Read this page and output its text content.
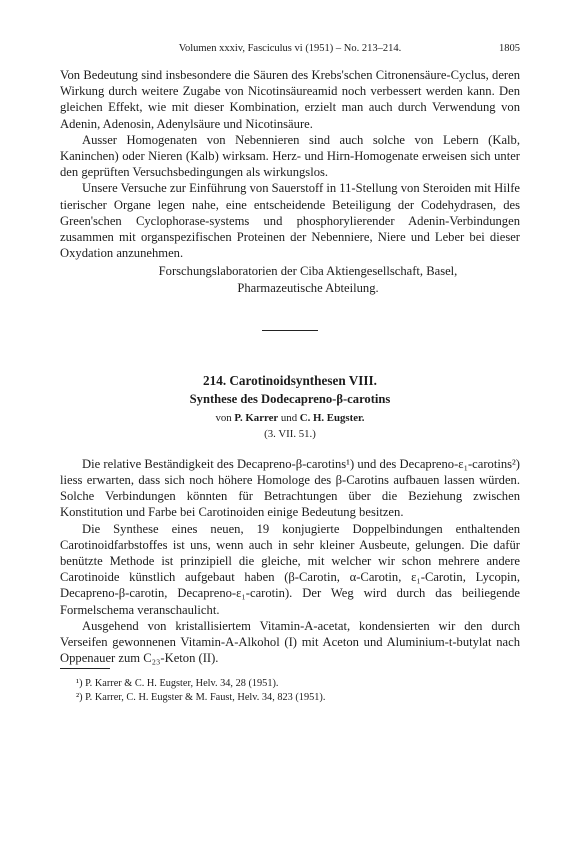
Volumen xxxiv, Fasciculus vi (1951) – No. 213–214.	1805

Von Bedeutung sind insbesondere die Säuren des Krebs'schen Citronensäure-Cyclus, deren Wirkung durch weitere Zugabe von Nicotinsäureamid noch verbessert werden kann. Den gleichen Effekt, wie mit dieser Kombination, erzielt man auch durch Verwendung von Adenin, Adenosin, Adenylsäure und Nicotinsäure.

Ausser Homogenaten von Nebennieren sind auch solche von Lebern (Kalb, Kaninchen) oder Nieren (Kalb) wirksam. Herz- und Hirn-Homogenate erweisen sich unter den geprüften Versuchsbedingungen als wirkungslos.

Unsere Versuche zur Einführung von Sauerstoff in 11-Stellung von Steroiden mit Hilfe tierischer Organe legen nahe, eine entscheidende Beteiligung der Codehydrasen, des Green'schen Cyclophorase-systems und phosphorylierender Adenin-Verbindungen zusammen mit organspezifischen Proteinen der Nebenniere, Niere und Leber bei dieser Oxydation anzunehmen.

Forschungslaboratorien der Ciba Aktiengesellschaft, Basel,
Pharmazeutische Abteilung.
214. Carotinoidsynthesen VIII.
Synthese des Dodecapreno-β-carotins
von P. Karrer und C. H. Eugster.
(3. VII. 51.)

Die relative Beständigkeit des Decapreno-β-carotins¹) und des Decapreno-ε₁-carotins²) liess erwarten, dass sich noch höhere Homologe des β-Carotins aufbauen lassen würden. Solche Verbindungen könnten für Betrachtungen über die Beziehung zwischen Konstitution und Farbe bei Carotinoiden einige Bedeutung besitzen.

Die Synthese eines neuen, 19 konjugierte Doppelbindungen enthaltenden Carotinoidfarbstoffes ist uns, wenn auch in sehr kleiner Ausbeute, gelungen. Die dafür benützte Methode ist prinzipiell die gleiche, mit welcher wir schon mehrere andere Carotinoide künstlich aufgebaut haben (β-Carotin, α-Carotin, ε₁-Carotin, Lycopin, Decapreno-β-carotin, Decapreno-ε₁-carotin). Der Weg wird durch das beiliegende Formelschema veranschaulicht.

Ausgehend von kristallisiertem Vitamin-A-acetat, kondensierten wir den durch Verseifen gewonnenen Vitamin-A-Alkohol (I) mit Aceton und Aluminium-t-butylat nach Oppenauer zum C₂₃-Keton (II).

¹) P. Karrer & C. H. Eugster, Helv. 34, 28 (1951).
²) P. Karrer, C. H. Eugster & M. Faust, Helv. 34, 823 (1951).
